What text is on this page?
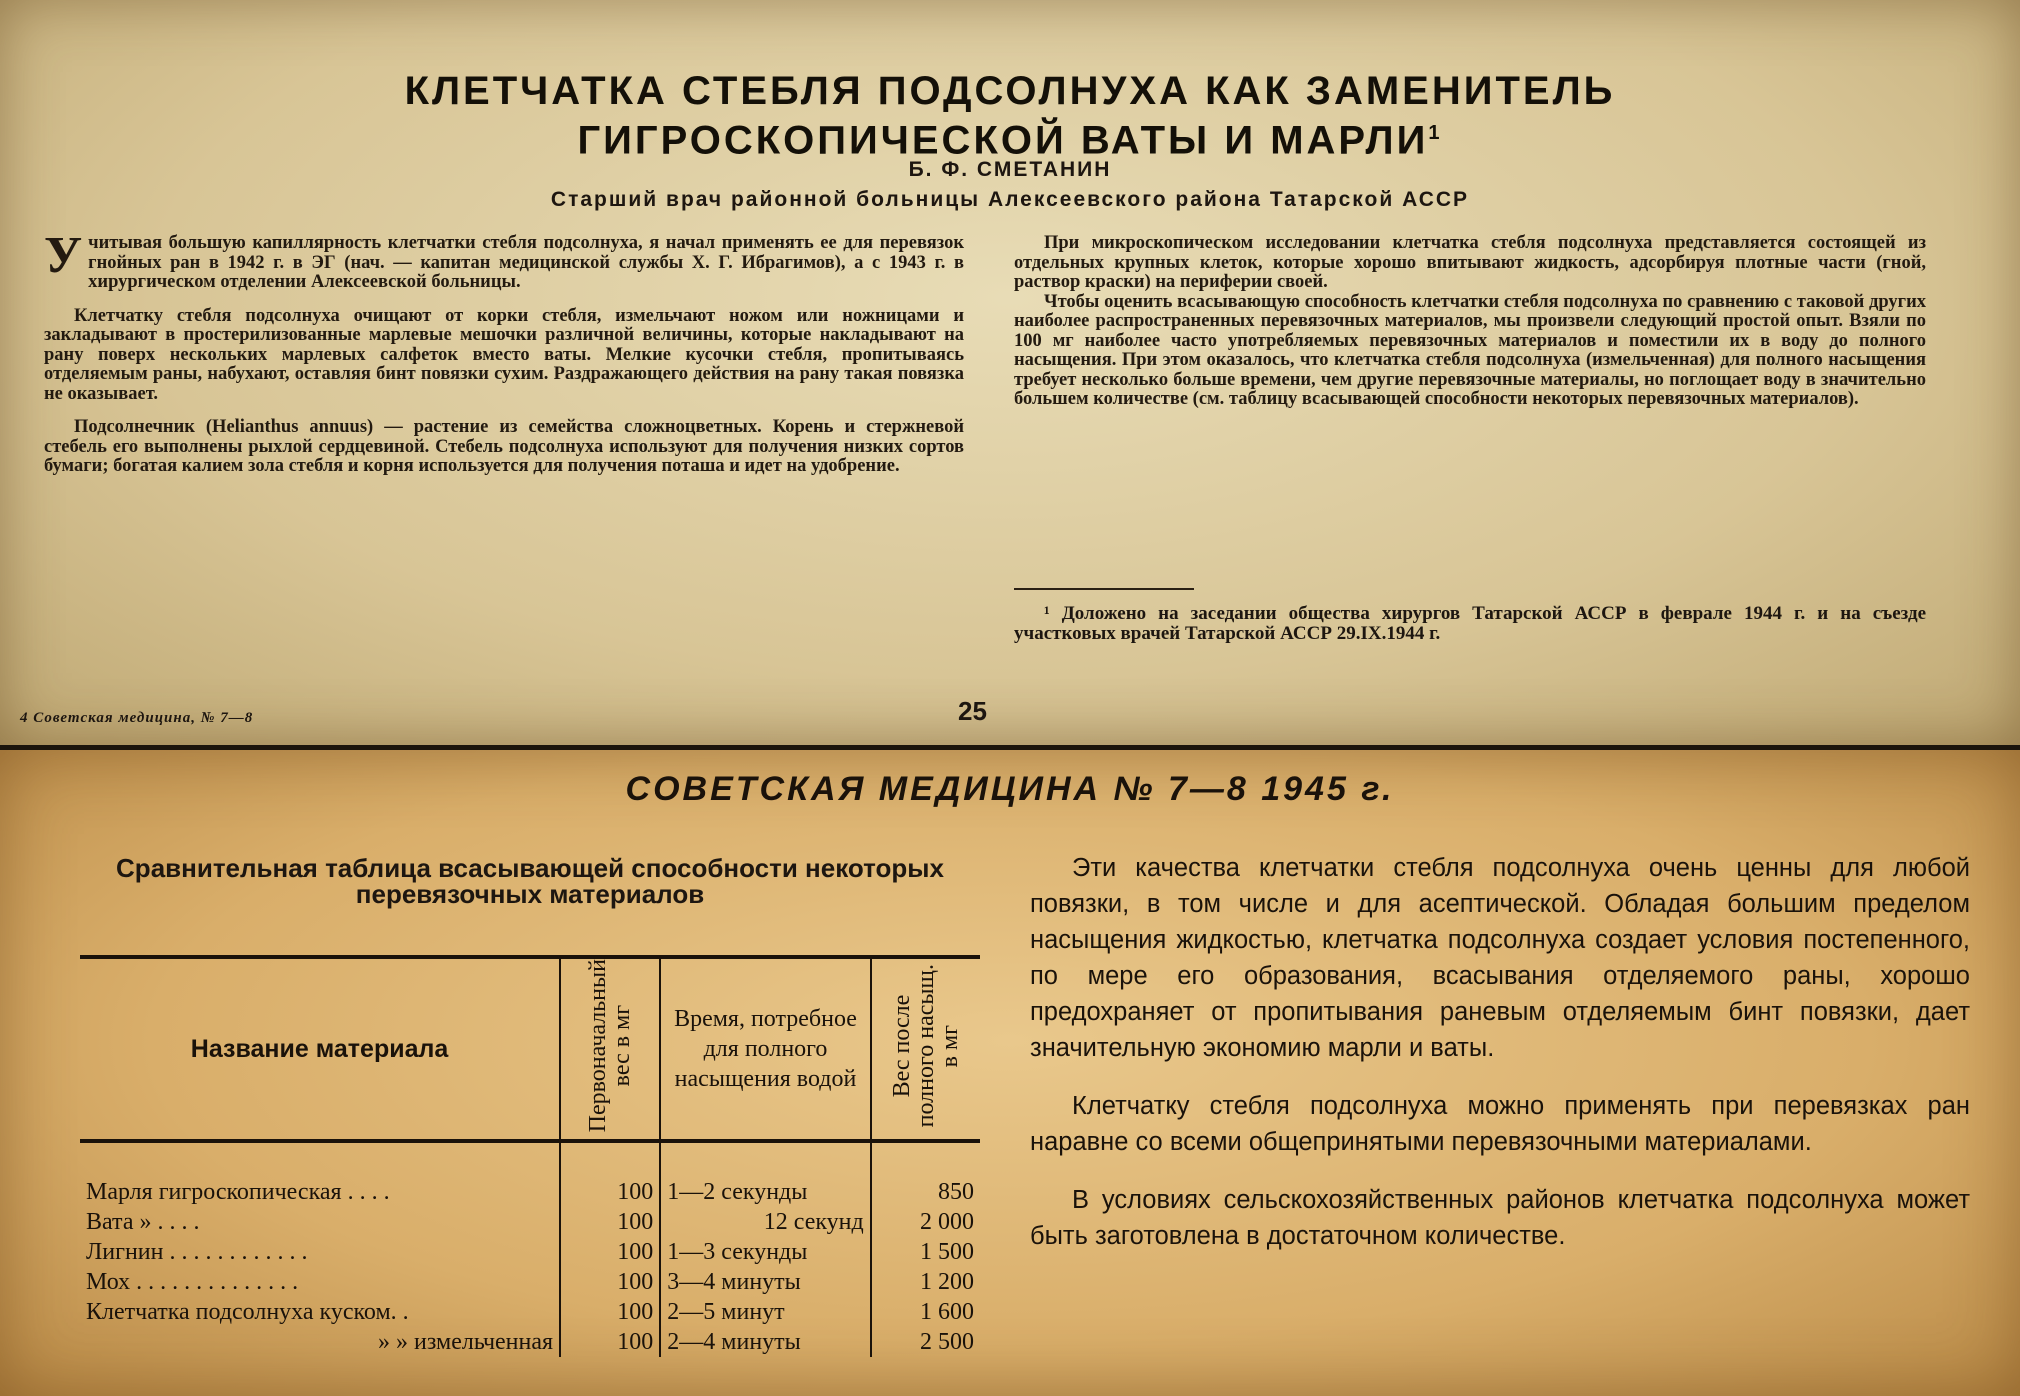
КЛЕТЧАТКА СТЕБЛЯ ПОДСОЛНУХА КАК ЗАМЕНИТЕЛЬ
ГИГРОСКОПИЧЕСКОЙ ВАТЫ И МАРЛИ$^1$
Б. Ф. СМЕТАНИН
Старший врач районной больницы Алексеевского района Татарской АССР

Учитывая большую капиллярность клетчатки стебля подсолнуха, я начал применять ее для перевязок гнойных ран в 1942 г. в ЭГ (нач. — капитан медицинской службы Х. Г. Ибрагимов), а с 1943 г. в хирургическом отделении Алексеевской больницы.

Клетчатку стебля подсолнуха очищают от корки стебля, измельчают ножом или ножницами и закладывают в простерилизованные марлевые мешочки различной величины, которые накладывают на рану поверх нескольких марлевых салфеток вместо ваты. Мелкие кусочки стебля, пропитываясь отделяемым раны, набухают, оставляя бинт повязки сухим. Раздражающего действия на рану такая повязка не оказывает.

Подсолнечник (Helianthus annuus) — растение из семейства сложноцветных. Корень и стержневой стебель его выполнены рыхлой сердцевиной. Стебель подсолнуха используют для получения низких сортов бумаги; богатая калием зола стебля и корня используется для получения поташа и идет на удобрение.

При микроскопическом исследовании клетчатка стебля подсолнуха представляется состоящей из отдельных крупных клеток, которые хорошо впитывают жидкость, адсорбируя плотные части (гной, раствор краски) на периферии своей.

Чтобы оценить всасывающую способность клетчатки стебля подсолнуха по сравнению с таковой других наиболее распространенных перевязочных материалов, мы произвели следующий простой опыт. Взяли по 100 мг наиболее часто употребляемых перевязочных материалов и поместили их в воду до полного насыщения. При этом оказалось, что клетчатка стебля подсолнуха (измельченная) для полного насыщения требует несколько больше времени, чем другие перевязочные материалы, но поглощает воду в значительно большем количестве (см. таблицу всасывающей способности некоторых перевязочных материалов).

¹ Доложено на заседании общества хирургов Татарской АССР в феврале 1944 г. и на съезде участковых врачей Татарской АССР 29.IX.1944 г.
4 Советская медицина, № 7—8	25
СОВЕТСКАЯ МЕДИЦИНА № 7—8 1945 г.
Сравнительная таблица всасывающей способности некоторых перевязочных материалов
Название материала	Первоначальный вес в мг	Время, потребное для полного насыщения водой	Вес после полного насыщ. в мг
Марля гигроскопическая . . . .	100	1—2 секунды	850
Вата » . . . .	100	12 секунд	2 000
Лигнин . . . . . . . . . . . .	100	1—3 секунды	1 500
Мох . . . . . . . . . . . . . .	100	3—4 минуты	1 200
Клетчатка подсолнуха куском. .	100	2—5 минут	1 600
» » измельченная	100	2—4 минуты	2 500

Эти качества клетчатки стебля подсолнуха очень ценны для любой повязки, в том числе и для асептической. Обладая большим пределом насыщения жидкостью, клетчатка подсолнуха создает условия постепенного, по мере его образования, всасывания отделяемого раны, хорошо предохраняет от пропитывания раневым отделяемым бинт повязки, дает значительную экономию марли и ваты.

Клетчатку стебля подсолнуха можно применять при перевязках ран наравне со всеми общепринятыми перевязочными материалами.

В условиях сельскохозяйственных районов клетчатка подсолнуха может быть заготовлена в достаточном количестве.
